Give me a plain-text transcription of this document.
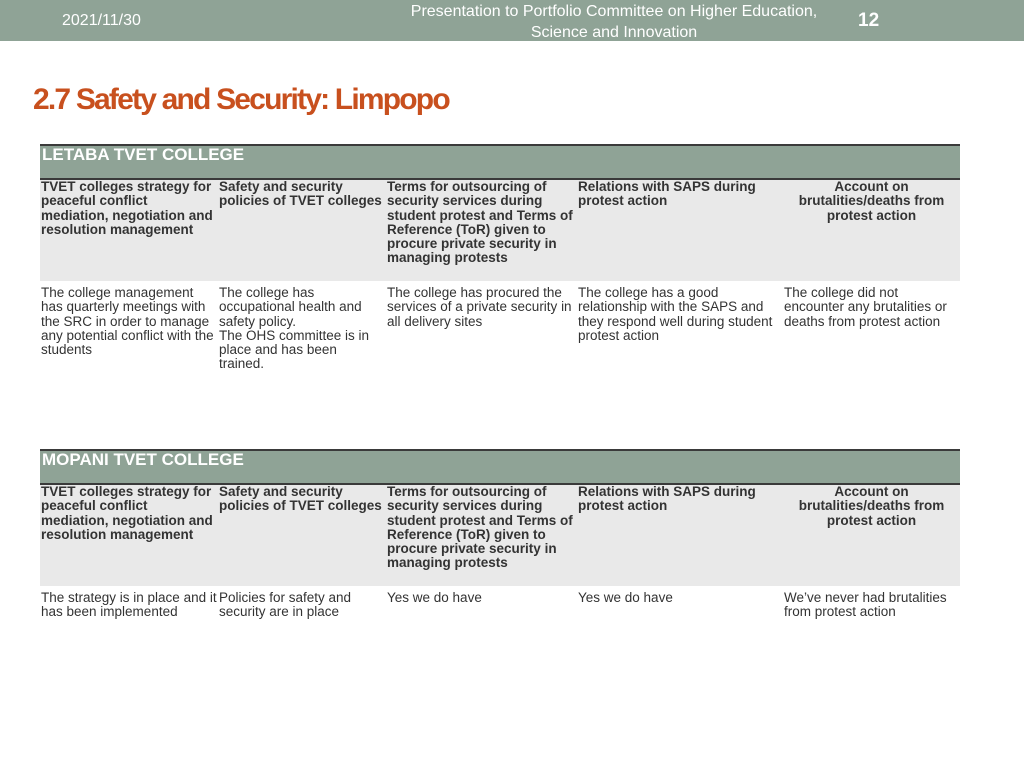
2021/11/30
Presentation to Portfolio Committee on Higher Education, Science and Innovation
12
2.7 Safety and Security: Limpopo
LETABA TVET COLLEGE
TVET colleges strategy for peaceful conflict mediation, negotiation and resolution management
Safety and security policies of TVET colleges
Terms for outsourcing of security services during student protest and Terms of Reference (ToR) given to procure private security in managing protests
Relations with SAPS during protest action
Account on brutalities/deaths from protest action
The college management has quarterly meetings with the SRC in order to manage any potential conflict with the students
The college has occupational health and safety policy.
The OHS committee is in place and has been trained.
The college has procured the services of a private security in all delivery sites
The college has a good relationship with the SAPS and they respond well during student protest action
The college did not encounter any brutalities or deaths from protest action
MOPANI TVET COLLEGE
TVET colleges strategy for peaceful conflict mediation, negotiation and resolution management
Safety and security policies of TVET colleges
Terms for outsourcing of security services during student protest and Terms of Reference (ToR) given to procure private security in managing protests
Relations with SAPS during protest action
Account on brutalities/deaths from protest action
The strategy is in place and it has been implemented
Policies for safety and security are in place
Yes we do have	Yes we do have	We’ve never had brutalities from protest action
